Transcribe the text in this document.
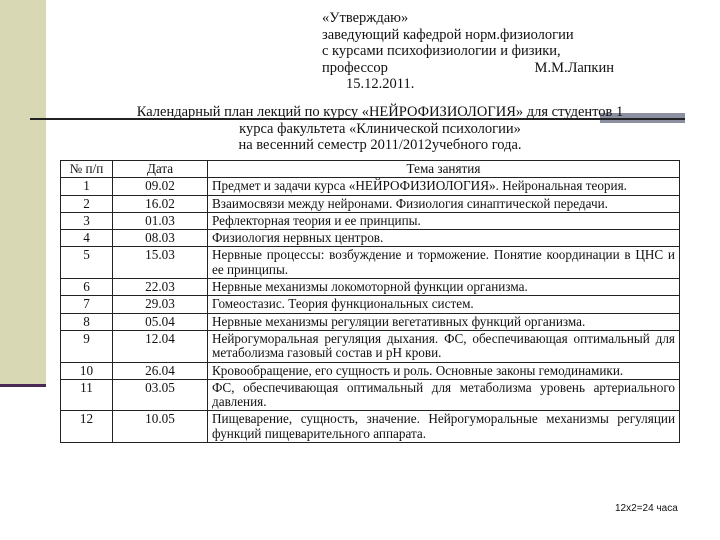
«Утверждаю»
заведующий кафедрой норм.физиологии
с курсами психофизиологии и физики,
профессор	М.М.Лапкин
15.12.2011.
Календарный план лекций по курсу «НЕЙРОФИЗИОЛОГИЯ» для студентов 1
курса факультета «Клинической психологии»
на весенний семестр 2011/2012учебного года.
№ п/п	Дата	Тема занятия
1	09.02	Предмет и задачи курса «НЕЙРОФИЗИОЛОГИЯ». Нейрональная теория.
2	16.02	Взаимосвязи между нейронами. Физиология синаптической передачи.
3	01.03	Рефлекторная теория и ее принципы.
4	08.03	Физиология нервных центров.
5	15.03	Нервные процессы: возбуждение и торможение. Понятие координации в ЦНС и ее принципы.
6	22.03	Нервные механизмы локомоторной функции организма.
7	29.03	Гомеостазис. Теория функциональных систем.
8	05.04	Нервные механизмы регуляции вегетативных функций организма.
9	12.04	Нейрогуморальная регуляция дыхания. ФС, обеспечивающая оптимальный для метаболизма газовый состав и pH крови.
10	26.04	Кровообращение, его сущность и роль. Основные законы гемодинамики.
11	03.05	ФС, обеспечивающая оптимальный для метаболизма уровень артериального давления.
12	10.05	Пищеварение, сущность, значение. Нейрогуморальные механизмы регуляции функций пищеварительного аппарата.
12х2=24 часа
